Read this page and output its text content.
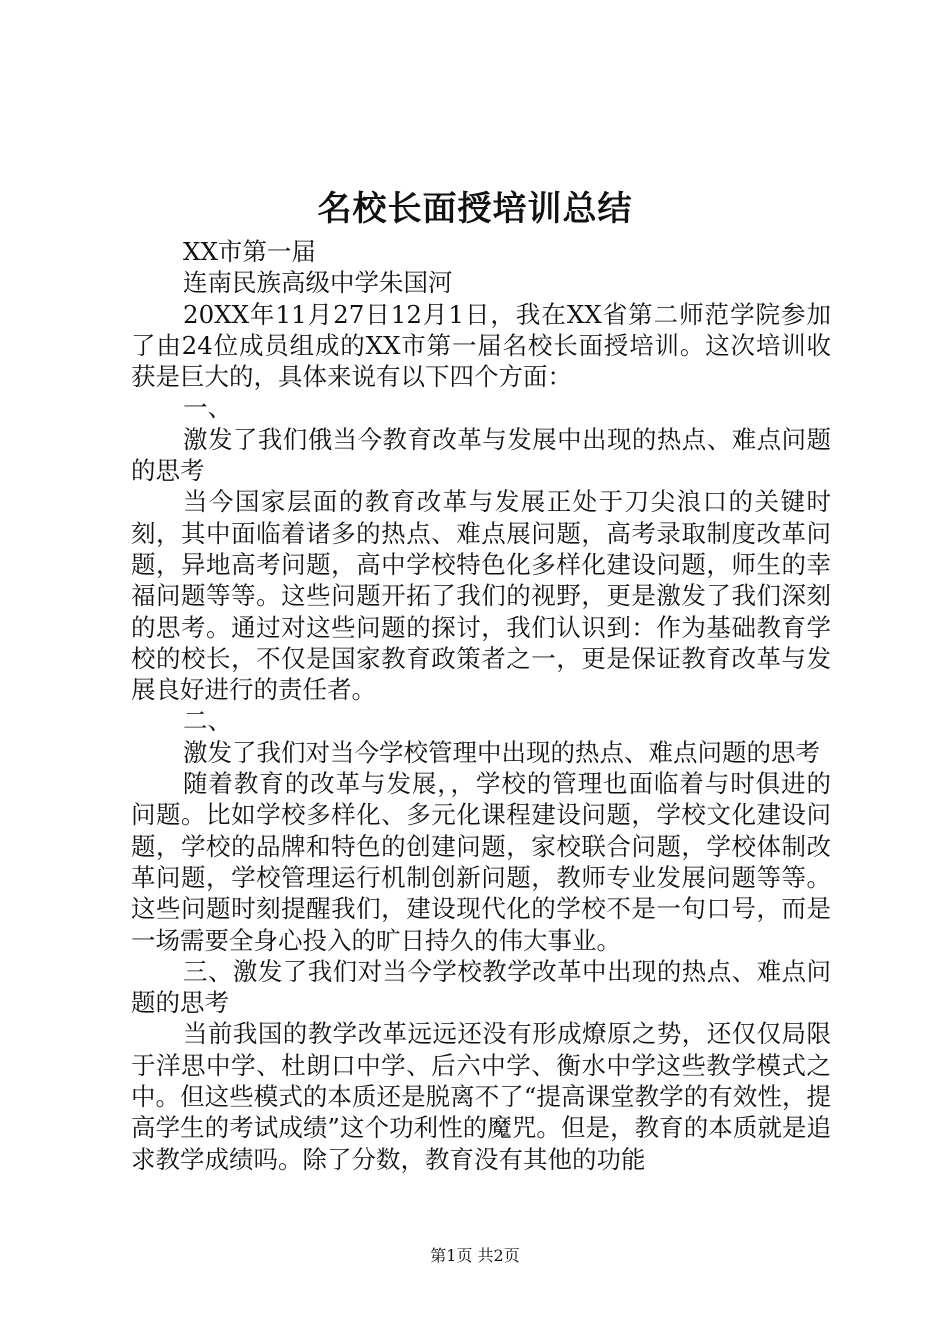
名校长面授培训总结

XX市第一届

连南民族高级中学朱国河

20XX年11月27日12月1日，我在XX省第二师范学院参加了由24位成员组成的XX市第一届名校长面授培训。这次培训收获是巨大的，具体来说有以下四个方面：

一、

激发了我们俄当今教育改革与发展中出现的热点、难点问题的思考

当今国家层面的教育改革与发展正处于刀尖浪口的关键时刻，其中面临着诸多的热点、难点展问题，高考录取制度改革问题，异地高考问题，高中学校特色化多样化建设问题，师生的幸福问题等等。这些问题开拓了我们的视野，更是激发了我们深刻的思考。通过对这些问题的探讨，我们认识到：作为基础教育学校的校长，不仅是国家教育政策者之一，更是保证教育改革与发展良好进行的责任者。

二、

激发了我们对当今学校管理中出现的热点、难点问题的思考

随着教育的改革与发展，，学校的管理也面临着与时俱进的问题。比如学校多样化、多元化课程建设问题，学校文化建设问题，学校的品牌和特色的创建问题，家校联合问题，学校体制改革问题，学校管理运行机制创新问题，教师专业发展问题等等。这些问题时刻提醒我们，建设现代化的学校不是一句口号，而是一场需要全身心投入的旷日持久的伟大事业。

三、激发了我们对当今学校教学改革中出现的热点、难点问题的思考

当前我国的教学改革远远还没有形成燎原之势，还仅仅局限于洋思中学、杜朗口中学、后六中学、衡水中学这些教学模式之中。但这些模式的本质还是脱离不了“提高课堂教学的有效性，提高学生的考试成绩”这个功利性的魔咒。但是，教育的本质就是追求教学成绩吗。除了分数，教育没有其他的功能

第1页 共2页
